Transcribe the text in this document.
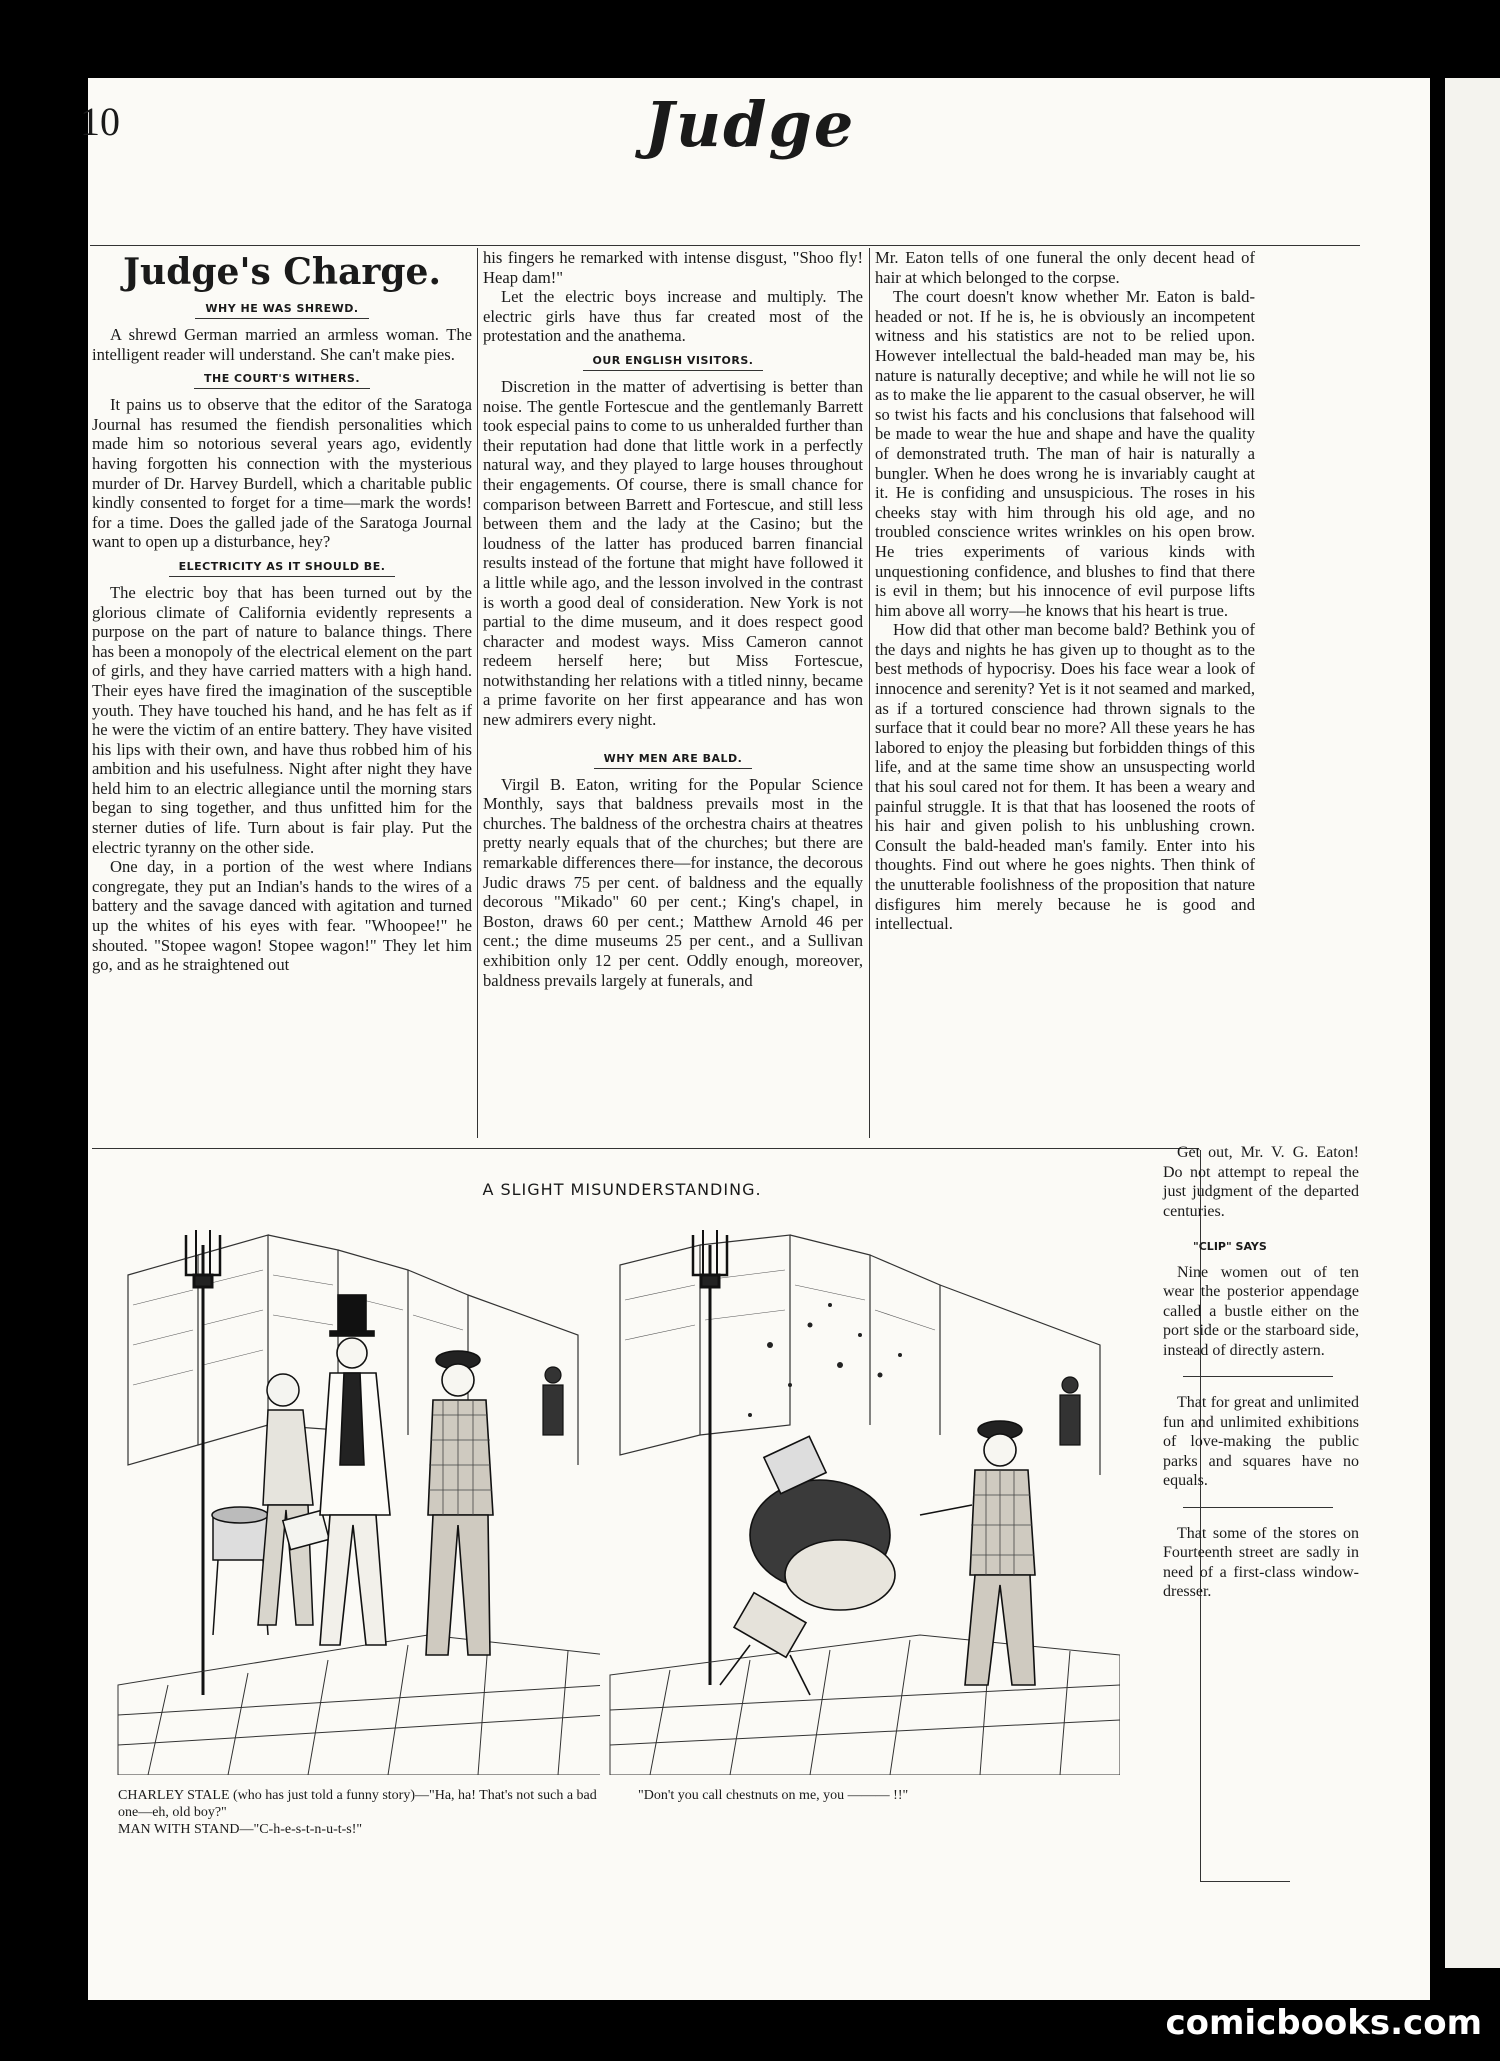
10	Judge
Judge's Charge.
WHY HE WAS SHREWD.

A shrewd German married an armless woman. The intelligent reader will understand. She can't make pies.

THE COURT'S WITHERS.

It pains us to observe that the editor of the Saratoga Journal has resumed the fiendish personalities which made him so notorious several years ago, evidently having forgotten his connection with the mysterious murder of Dr. Harvey Burdell, which a charitable public kindly consented to forget for a time—mark the words! for a time. Does the galled jade of the Saratoga Journal want to open up a disturbance, hey?

ELECTRICITY AS IT SHOULD BE.

The electric boy that has been turned out by the glorious climate of California evidently represents a purpose on the part of nature to balance things. There has been a monopoly of the electrical element on the part of girls, and they have carried matters with a high hand. Their eyes have fired the imagination of the susceptible youth. They have touched his hand, and he has felt as if he were the victim of an entire battery. They have visited his lips with their own, and have thus robbed him of his ambition and his usefulness. Night after night they have held him to an electric allegiance until the morning stars began to sing together, and thus unfitted him for the sterner duties of life. Turn about is fair play. Put the electric tyranny on the other side.

One day, in a portion of the west where Indians congregate, they put an Indian's hands to the wires of a battery and the savage danced with agitation and turned up the whites of his eyes with fear. "Whoopee!" he shouted. "Stopee wagon! Stopee wagon!" They let him go, and as he straightened out

his fingers he remarked with intense disgust, "Shoo fly! Heap dam!"

Let the electric boys increase and multiply. The electric girls have thus far created most of the protestation and the anathema.

OUR ENGLISH VISITORS.

Discretion in the matter of advertising is better than noise. The gentle Fortescue and the gentlemanly Barrett took especial pains to come to us unheralded further than their reputation had done that little work in a perfectly natural way, and they played to large houses throughout their engagements. Of course, there is small chance for comparison between Barrett and Fortescue, and still less between them and the lady at the Casino; but the loudness of the latter has produced barren financial results instead of the fortune that might have followed it a little while ago, and the lesson involved in the contrast is worth a good deal of consideration. New York is not partial to the dime museum, and it does respect good character and modest ways. Miss Cameron cannot redeem herself here; but Miss Fortescue, notwithstanding her relations with a titled ninny, became a prime favorite on her first appearance and has won new admirers every night.

WHY MEN ARE BALD.

Virgil B. Eaton, writing for the Popular Science Monthly, says that baldness prevails most in the churches. The baldness of the orchestra chairs at theatres pretty nearly equals that of the churches; but there are remarkable differences there—for instance, the decorous Judic draws 75 per cent. of baldness and the equally decorous "Mikado" 60 per cent.; King's chapel, in Boston, draws 60 per cent.; Matthew Arnold 46 per cent.; the dime museums 25 per cent., and a Sullivan exhibition only 12 per cent. Oddly enough, moreover, baldness prevails largely at funerals, and

Mr. Eaton tells of one funeral the only decent head of hair at which belonged to the corpse.

The court doesn't know whether Mr. Eaton is bald-headed or not. If he is, he is obviously an incompetent witness and his statistics are not to be relied upon. However intellectual the bald-headed man may be, his nature is naturally deceptive; and while he will not lie so as to make the lie apparent to the casual observer, he will so twist his facts and his conclusions that falsehood will be made to wear the hue and shape and have the quality of demonstrated truth. The man of hair is naturally a bungler. When he does wrong he is invariably caught at it. He is confiding and unsuspicious. The roses in his cheeks stay with him through his old age, and no troubled conscience writes wrinkles on his open brow. He tries experiments of various kinds with unquestioning confidence, and blushes to find that there is evil in them; but his innocence of evil purpose lifts him above all worry—he knows that his heart is true.

How did that other man become bald? Bethink you of the days and nights he has given up to thought as to the best methods of hypocrisy. Does his face wear a look of innocence and serenity? Yet is it not seamed and marked, as if a tortured conscience had thrown signals to the surface that it could bear no more? All these years he has labored to enjoy the pleasing but forbidden things of this life, and at the same time show an unsuspecting world that his soul cared not for them. It has been a weary and painful struggle. It is that that has loosened the roots of his hair and given polish to his unblushing crown. Consult the bald-headed man's family. Enter into his thoughts. Find out where he goes nights. Then think of the unutterable foolishness of the proposition that nature disfigures him merely because he is good and intellectual.

A SLIGHT MISUNDERSTANDING.
CHARLEY STALE (who has just told a funny story)—"Ha, ha! That's not such a bad one—eh, old boy?"
MAN WITH STAND—"C-h-e-s-t-n-u-t-s!"
"Don't you call chestnuts on me, you ——— !!"

Get out, Mr. V. G. Eaton! Do not attempt to repeal the just judgment of the departed centuries.

"CLIP" SAYS

Nine women out of ten wear the posterior appendage called a bustle either on the port side or the starboard side, instead of directly astern.

That for great and unlimited fun and unlimited exhibitions of love-making the public parks and squares have no equals.

That some of the stores on Fourteenth street are sadly in need of a first-class window-dresser.

comicbooks.com
